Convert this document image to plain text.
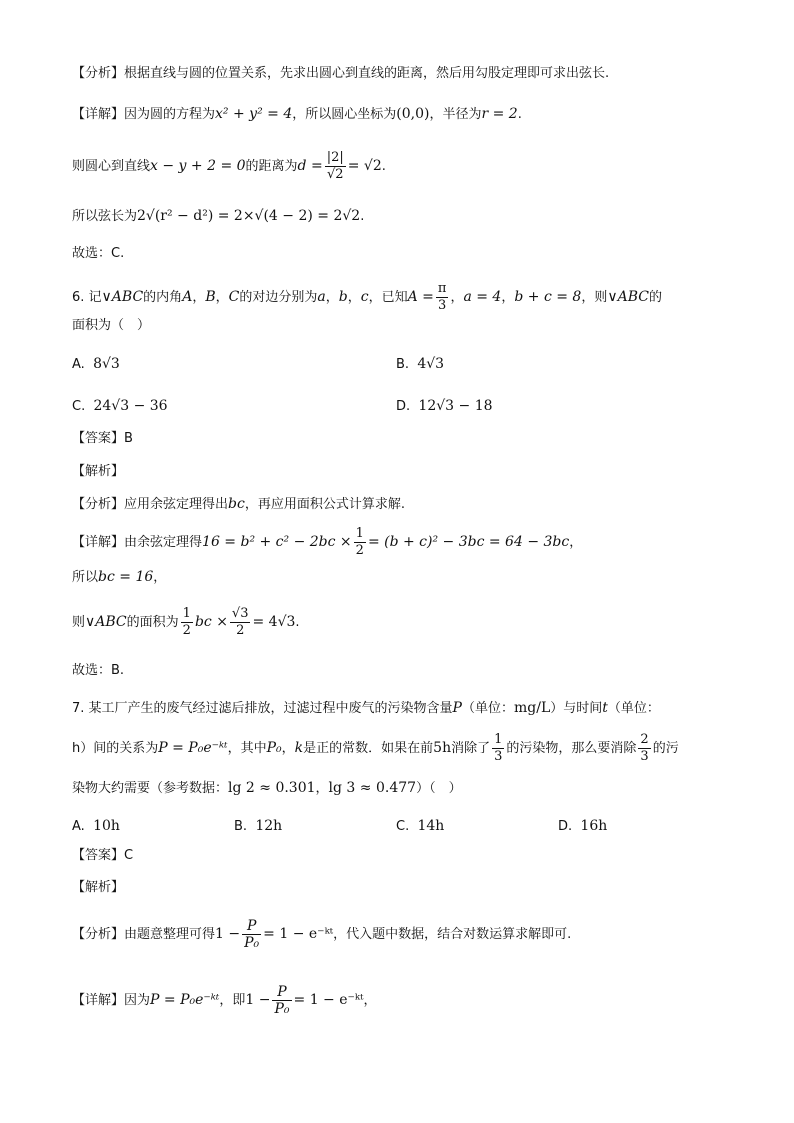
【分析】根据直线与圆的位置关系，先求出圆心到直线的距离，然后用勾股定理即可求出弦长.
【详解】因为圆的方程为x² + y² = 4，所以圆心坐标为(0,0)，半径为r = 2.
则圆心到直线x − y + 2 = 0的距离为$d = \frac{|2|}{√2} = √2$.
所以弦长为2√(r² − d²) = 2×√(4 − 2) = 2√2.
故选：C.
6. 记∨ABC的内角A，B，C的对边分别为a，b，c，已知$A = \frac{\pi}{3}$ ，a = 4，b + c = 8，则∨ABC的
面积为（　）
A. 8√3	B. 4√3
C. 24√3 − 36	D. 12√3 − 18
【答案】B
【解析】
【分析】应用余弦定理得出bc，再应用面积公式计算求解.
【详解】由余弦定理得$16 = b^2 + c^2 - 2bc \times \frac{1}{2} = (b + c)^2 - 3bc = 64 - 3bc$，
所以bc = 16，
则∨ABC的面积为 $\frac{1}{2}$ bc × $\frac{√3}{2} = 4√3$.
故选：B.
7. 某工厂产生的废气经过滤后排放，过滤过程中废气的污染物含量P（单位：mg/L）与时间t（单位：
h）间的关系为P = P₀e⁻ᵏᵗ，其中P₀，k是正的常数．如果在前5h消除了 $\frac{1}{3}$ 的污染物，那么要消除 $\frac{2}{3}$ 的污
染物大约需要（参考数据：lg 2 ≈ 0.301，lg 3 ≈ 0.477）（　）
A. 10h	B. 12h	C. 14h	D. 16h
【答案】C
【解析】
【分析】由题意整理可得$1 - \frac{P}{\text{P₀}} = 1$ − e⁻ᵏᵗ，代入题中数据，结合对数运算求解即可.
【详解】因为P = P₀e⁻ᵏᵗ，即$1 - \frac{P}{\text{P₀}} = 1$ − e⁻ᵏᵗ，
